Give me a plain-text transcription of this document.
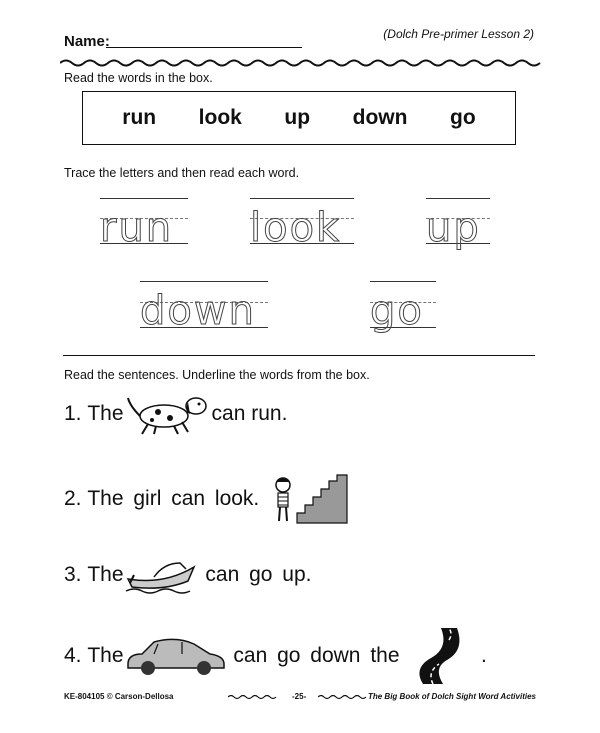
Name:	(Dolch Pre-primer Lesson 2)
Read the words in the box.
run look up down go
Trace the letters and then read each word.
run look up
down	go
Read the sentences. Underline the words from the box.
1.
The	can run.
2.
The girl can look.

3.
The
	can go up.
4.
The
	can go down the

	.
KE-804105 © Carson-Dellosa	-25-	The Big Book of Dolch Sight Word Activities
